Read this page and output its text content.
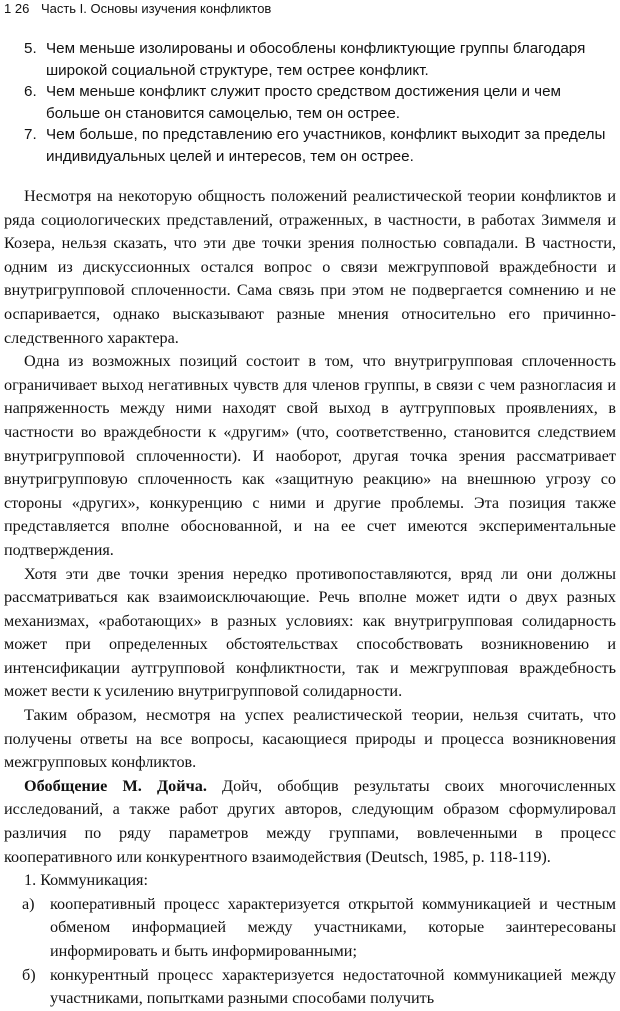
1 26 Часть I. Основы изучения конфликтов
5. Чем меньше изолированы и обособлены конфликтующие группы благодаря широкой социальной структуре, тем острее конфликт.
6. Чем меньше конфликт служит просто средством достижения цели и чем больше он становится самоцелью, тем он острее.
7. Чем больше, по представлению его участников, конфликт выходит за пределы индивидуальных целей и интересов, тем он острее.

Несмотря на некоторую общность положений реалистической теории конфликтов и ряда социологических представлений, отраженных, в частности, в работах Зиммеля и Козера, нельзя сказать, что эти две точки зрения полностью совпадали. В частности, одним из дискуссионных остался вопрос о связи межгрупповой враждебности и внутригрупповой сплоченности. Сама связь при этом не подвергается сомнению и не оспаривается, однако высказывают разные мнения относительно его причинно-следственного характера.

Одна из возможных позиций состоит в том, что внутригрупповая сплоченность ограничивает выход негативных чувств для членов группы, в связи с чем разногласия и напряженность между ними находят свой выход в аутгрупповых проявлениях, в частности во враждебности к «другим» (что, соответственно, становится следствием внутригрупповой сплоченности). И наоборот, другая точка зрения рассматривает внутригрупповую сплоченность как «защитную реакцию» на внешнюю угрозу со стороны «других», конкуренцию с ними и другие проблемы. Эта позиция также представляется вполне обоснованной, и на ее счет имеются экспериментальные подтверждения.

Хотя эти две точки зрения нередко противопоставляются, вряд ли они должны рассматриваться как взаимоисключающие. Речь вполне может идти о двух разных механизмах, «работающих» в разных условиях: как внутригрупповая солидарность может при определенных обстоятельствах способствовать возникновению и интенсификации аутгрупповой конфликтности, так и межгрупповая враждебность может вести к усилению внутригрупповой солидарности.

Таким образом, несмотря на успех реалистической теории, нельзя считать, что получены ответы на все вопросы, касающиеся природы и процесса возникновения межгрупповых конфликтов.

Обобщение М. Дойча. Дойч, обобщив результаты своих многочисленных исследований, а также работ других авторов, следующим образом сформулировал различия по ряду параметров между группами, вовлеченными в процесс кооперативного или конкурентного взаимодействия (Deutsch, 1985, p. 118-119).

1. Коммуникация:
а) кооперативный процесс характеризуется открытой коммуникацией и честным обменом информацией между участниками, которые заинтересованы информировать и быть информированными;
б) конкурентный процесс характеризуется недостаточной коммуникацией между участниками, попытками разными способами получить
